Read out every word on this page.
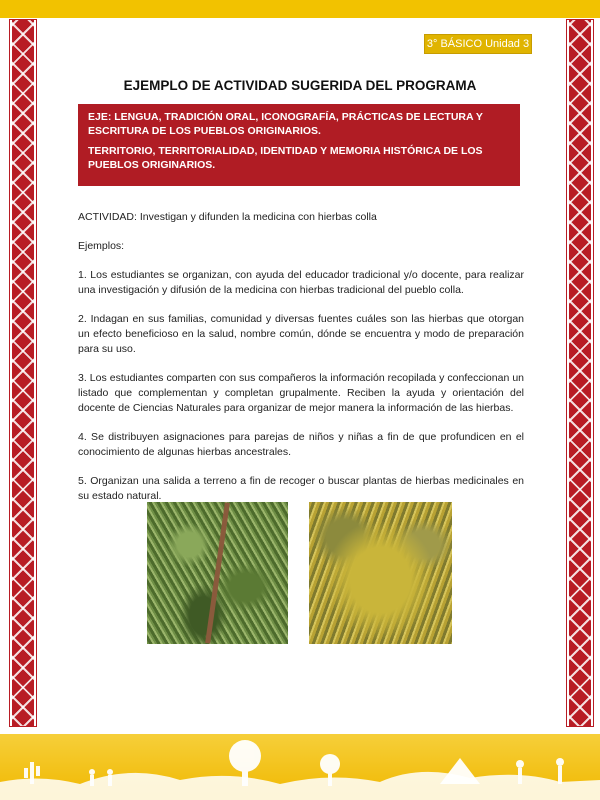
3° BÁSICO Unidad 3
EJEMPLO DE ACTIVIDAD SUGERIDA DEL PROGRAMA

EJE: LENGUA, TRADICIÓN ORAL, ICONOGRAFÍA, PRÁCTICAS DE LECTURA Y ESCRITURA DE LOS PUEBLOS ORIGINARIOS.

TERRITORIO, TERRITORIALIDAD, IDENTIDAD Y MEMORIA HISTÓRICA DE LOS PUEBLOS ORIGINARIOS.

ACTIVIDAD: Investigan y difunden la medicina con hierbas colla

Ejemplos:

1. Los estudiantes se organizan, con ayuda del educador tradicional y/o docente, para realizar una investigación y difusión de la medicina con hierbas tradicional del pueblo colla.

2. Indagan en sus familias, comunidad y diversas fuentes cuáles son las hierbas que otorgan un efecto beneficioso en la salud, nombre común, dónde se encuentra y modo de preparación para su uso.

3. Los estudiantes comparten con sus compañeros la información recopilada y confeccionan un listado que complementan y completan grupalmente. Reciben la ayuda y orientación del docente de Ciencias Naturales para organizar de mejor manera la información de las hierbas.

4. Se distribuyen asignaciones para parejas de niños y niñas a fin de que profundicen en el conocimiento de algunas hierbas ancestrales.

5. Organizan una salida a terreno a fin de recoger o buscar plantas de hierbas medicinales en su estado natural.
